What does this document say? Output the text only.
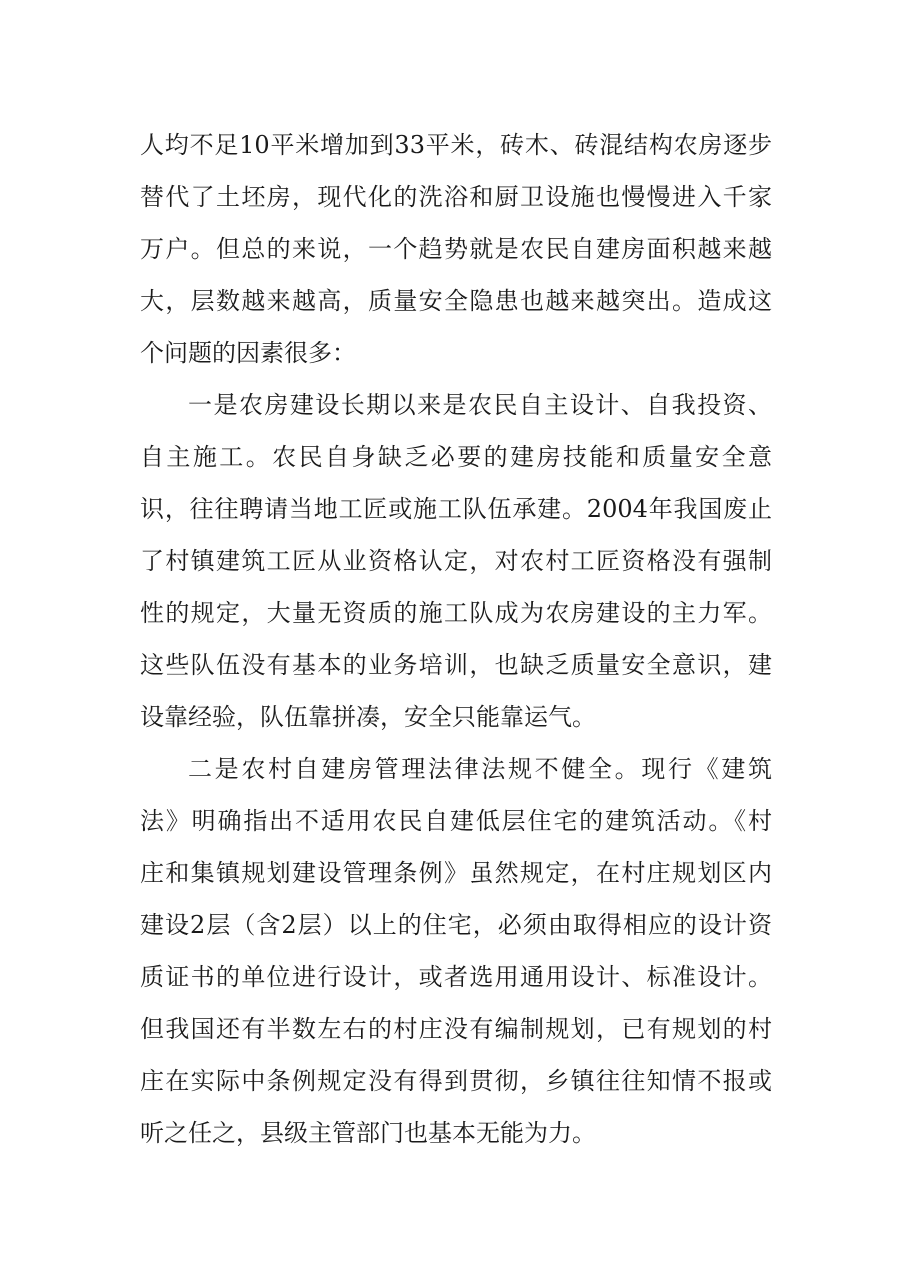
人均不足10平米增加到33平米，砖木、砖混结构农房逐步
替代了土坯房，现代化的洗浴和厨卫设施也慢慢进入千家
万户。但总的来说，一个趋势就是农民自建房面积越来越
大，层数越来越高，质量安全隐患也越来越突出。造成这
个问题的因素很多：
一是农房建设长期以来是农民自主设计、自我投资、
自主施工。农民自身缺乏必要的建房技能和质量安全意
识，往往聘请当地工匠或施工队伍承建。2004年我国废止
了村镇建筑工匠从业资格认定，对农村工匠资格没有强制
性的规定，大量无资质的施工队成为农房建设的主力军。
这些队伍没有基本的业务培训，也缺乏质量安全意识，建
设靠经验，队伍靠拼凑，安全只能靠运气。
二是农村自建房管理法律法规不健全。现行《建筑
法》明确指出不适用农民自建低层住宅的建筑活动。《村
庄和集镇规划建设管理条例》虽然规定，在村庄规划区内
建设2层（含2层）以上的住宅，必须由取得相应的设计资
质证书的单位进行设计，或者选用通用设计、标准设计。
但我国还有半数左右的村庄没有编制规划，已有规划的村
庄在实际中条例规定没有得到贯彻，乡镇往往知情不报或
听之任之，县级主管部门也基本无能为力。
